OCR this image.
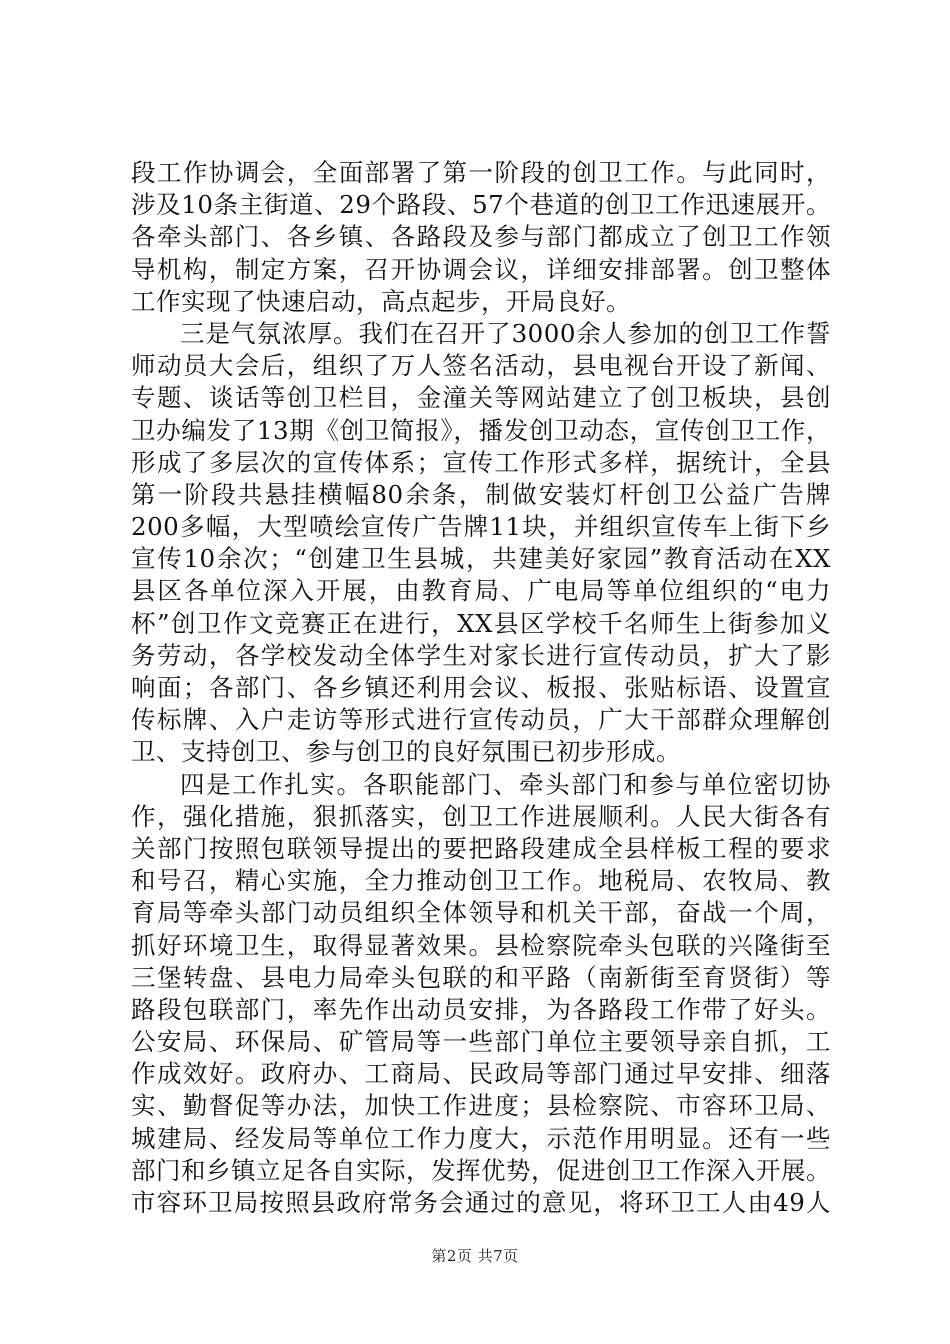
段工作协调会，全面部署了第一阶段的创卫工作。与此同时，
涉及10条主街道、29个路段、57个巷道的创卫工作迅速展开。
各牵头部门、各乡镇、各路段及参与部门都成立了创卫工作领
导机构，制定方案，召开协调会议，详细安排部署。创卫整体
工作实现了快速启动，高点起步，开局良好。
三是气氛浓厚。我们在召开了3000余人参加的创卫工作誓
师动员大会后，组织了万人签名活动，县电视台开设了新闻、
专题、谈话等创卫栏目，金潼关等网站建立了创卫板块，县创
卫办编发了13期《创卫简报》，播发创卫动态，宣传创卫工作，
形成了多层次的宣传体系；宣传工作形式多样，据统计，全县
第一阶段共悬挂横幅80余条，制做安装灯杆创卫公益广告牌
200多幅，大型喷绘宣传广告牌11块，并组织宣传车上街下乡
宣传10余次；“创建卫生县城，共建美好家园”教育活动在XX
县区各单位深入开展，由教育局、广电局等单位组织的“电力
杯”创卫作文竞赛正在进行，XX县区学校千名师生上街参加义
务劳动，各学校发动全体学生对家长进行宣传动员，扩大了影
响面；各部门、各乡镇还利用会议、板报、张贴标语、设置宣
传标牌、入户走访等形式进行宣传动员，广大干部群众理解创
卫、支持创卫、参与创卫的良好氛围已初步形成。
四是工作扎实。各职能部门、牵头部门和参与单位密切协
作，强化措施，狠抓落实，创卫工作进展顺利。人民大街各有
关部门按照包联领导提出的要把路段建成全县样板工程的要求
和号召，精心实施，全力推动创卫工作。地税局、农牧局、教
育局等牵头部门动员组织全体领导和机关干部，奋战一个周，
抓好环境卫生，取得显著效果。县检察院牵头包联的兴隆街至
三堡转盘、县电力局牵头包联的和平路（南新街至育贤街）等
路段包联部门，率先作出动员安排，为各路段工作带了好头。
公安局、环保局、矿管局等一些部门单位主要领导亲自抓，工
作成效好。政府办、工商局、民政局等部门通过早安排、细落
实、勤督促等办法，加快工作进度；县检察院、市容环卫局、
城建局、经发局等单位工作力度大，示范作用明显。还有一些
部门和乡镇立足各自实际，发挥优势，促进创卫工作深入开展。
市容环卫局按照县政府常务会通过的意见，将环卫工人由49人
第2页 共7页
